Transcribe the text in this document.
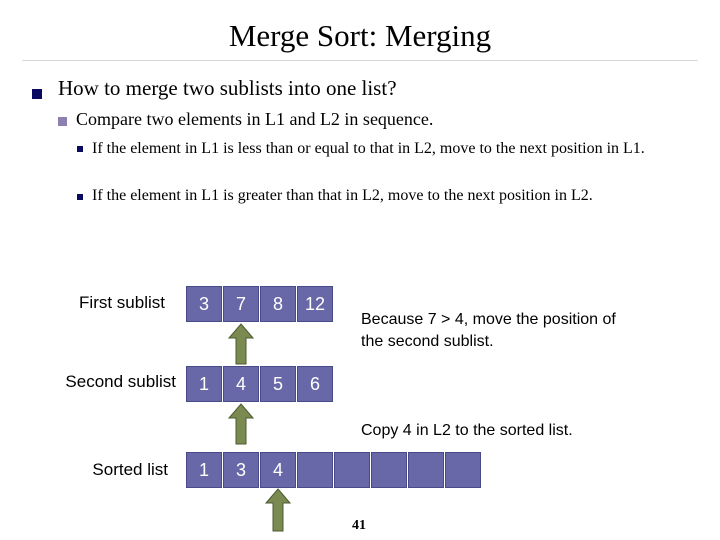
Merge Sort: Merging
How to merge two sublists into one list?
Compare two elements in L1 and L2 in sequence.
If the element in L1 is less than or equal to that in L2, move to the next position in L1.
If the element in L1 is greater than that in L2, move to the next position in L2.
First sublist	3	7	8	12
Because 7 > 4, move the position of the second sublist.
Second sublist	1	4	5	6
Copy 4 in L2 to the sorted list.
Sorted list	1	3	4
41
